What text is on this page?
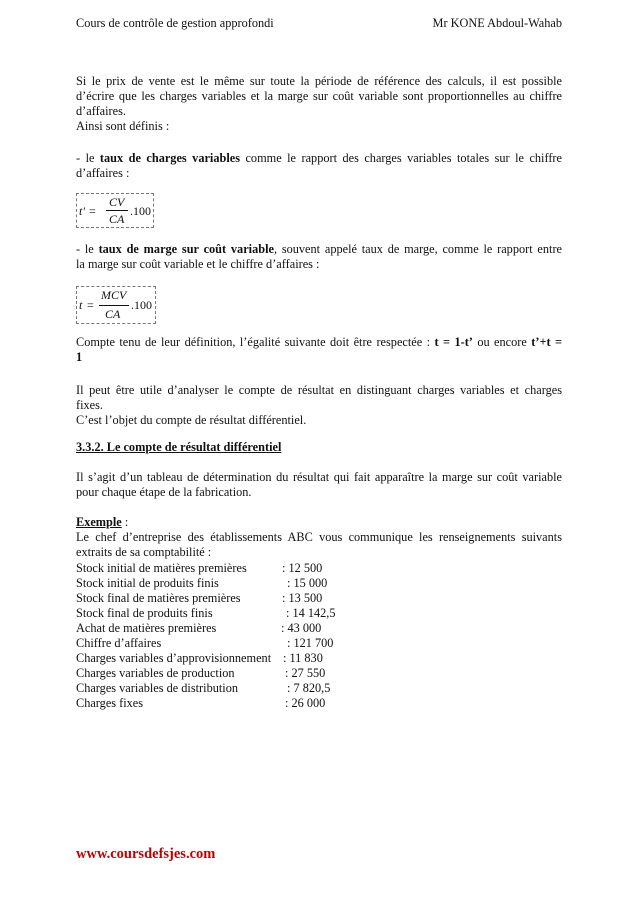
Cours de contrôle de gestion approfondi	Mr KONE Abdoul-Wahab
Si le prix de vente est le même sur toute la période de référence des calculs, il est possible
d’écrire que les charges variables et la marge sur coût variable sont proportionnelles au chiffre
d’affaires.
Ainsi sont définis :
- le taux de charges variables comme le rapport des charges variables totales sur le chiffre
d’affaires :
t' =
CV
CA
.100
- le taux de marge sur coût variable, souvent appelé taux de marge, comme le rapport entre
la marge sur coût variable et le chiffre d’affaires :
t =
MCV
CA
.100
Compte tenu de leur définition, l’égalité suivante doit être respectée : t = 1-t’ ou encore t’+t =
1
Il peut être utile d’analyser le compte de résultat en distinguant charges variables et charges
fixes.
C’est l’objet du compte de résultat différentiel.
3.3.2. Le compte de résultat différentiel
Il s’agit d’un tableau de détermination du résultat qui fait apparaître la marge sur coût variable
pour chaque étape de la fabrication.
Exemple :
Le chef d’entreprise des établissements ABC vous communique les renseignements suivants
extraits de sa comptabilité :
Stock initial de matières premières	: 12 500
Stock initial de produits finis	: 15 000
Stock final de matières premières	: 13 500
Stock final de produits finis	: 14 142,5
Achat de matières premières	: 43 000
Chiffre d’affaires	: 121 700
Charges variables d’approvisionnement : 11 830
Charges variables de production	: 27 550
Charges variables de distribution	: 7 820,5
Charges fixes	: 26 000
www.coursdefsjes.com
